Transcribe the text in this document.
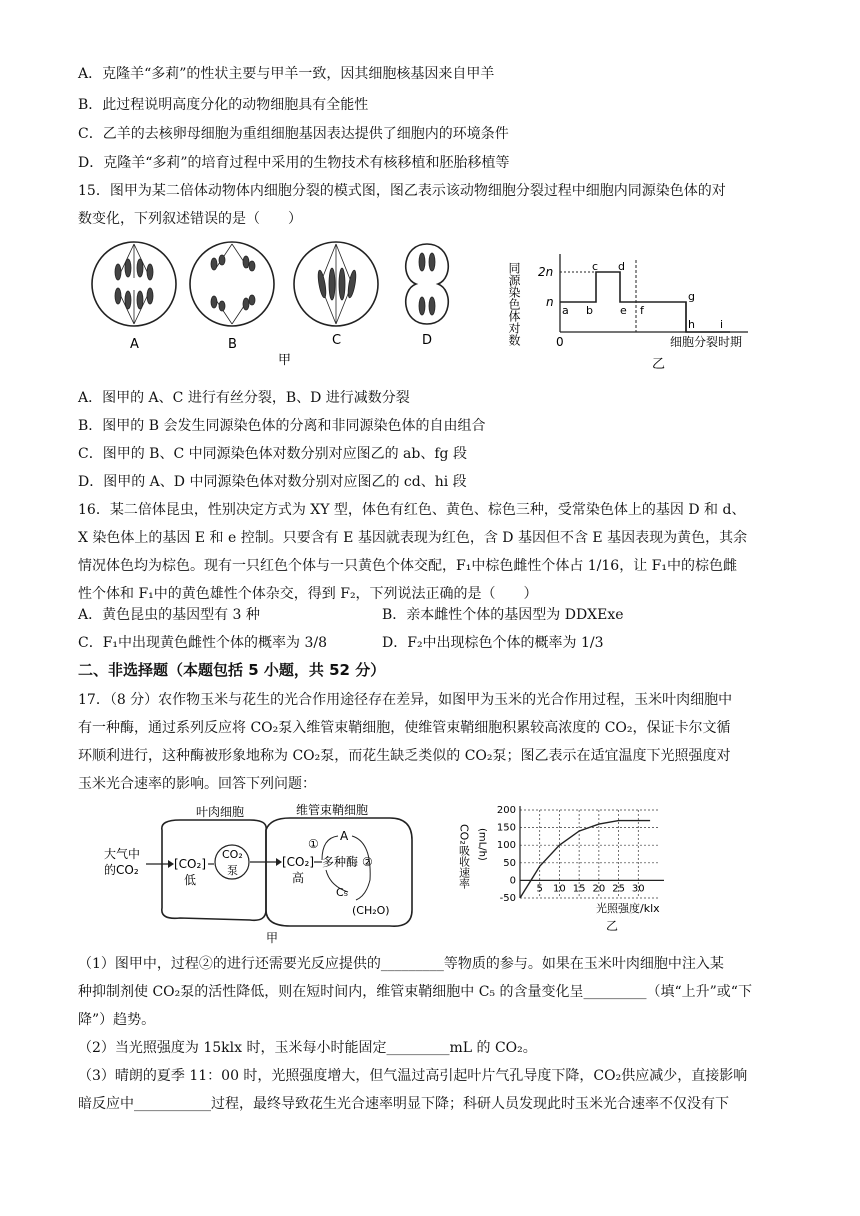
A．克隆羊“多莉”的性状主要与甲羊一致，因其细胞核基因来自甲羊
B．此过程说明高度分化的动物细胞具有全能性
C．乙羊的去核卵母细胞为重组细胞基因表达提供了细胞内的环境条件
D．克隆羊“多莉”的培育过程中采用的生物技术有核移植和胚胎移植等
15．图甲为某二倍体动物体内细胞分裂的模式图，图乙表示该动物细胞分裂过程中细胞内同源染色体的对
数变化，下列叙述错误的是（　　）
A	B	C	D
甲
同源染色体对数 2n
n
0
a b
c d
e f
g
h i
细胞分裂时期
乙
A．图甲的 A、C 进行有丝分裂，B、D 进行减数分裂
B．图甲的 B 会发生同源染色体的分离和非同源染色体的自由组合
C．图甲的 B、C 中同源染色体对数分别对应图乙的 ab、fg 段
D．图甲的 A、D 中同源染色体对数分别对应图乙的 cd、hi 段
16．某二倍体昆虫，性别决定方式为 XY 型，体色有红色、黄色、棕色三种，受常染色体上的基因 D 和 d、
X 染色体上的基因 E 和 e 控制。只要含有 E 基因就表现为红色，含 D 基因但不含 E 基因表现为黄色，其余
情况体色均为棕色。现有一只红色个体与一只黄色个体交配，F₁中棕色雌性个体占 1/16，让 F₁中的棕色雌
性个体和 F₁中的黄色雄性个体杂交，得到 F₂，下列说法正确的是（　　）
A．黄色昆虫的基因型有 3 种	B．亲本雌性个体的基因型为 DDXExe
C．F₁中出现黄色雌性个体的概率为 3/8	D．F₂中出现棕色个体的概率为 1/3
二、非选择题（本题包括 5 小题，共 52 分）
17．（8 分）农作物玉米与花生的光合作用途径存在差异，如图甲为玉米的光合作用过程，玉米叶肉细胞中
有一种酶，通过系列反应将 CO₂泵入维管束鞘细胞，使维管束鞘细胞积累较高浓度的 CO₂，保证卡尔文循
环顺利进行，这种酶被形象地称为 CO₂泵，而花生缺乏类似的 CO₂泵；图乙表示在适宜温度下光照强度对
玉米光合速率的影响。回答下列问题：
叶肉细胞	维管束鞘细胞
大气中
的CO₂	[CO₂]
低
CO₂
泵
[CO₂]
高
多种酶
①
②
A
C₅
(CH₂O)
甲
CO₂吸收速率 (mL/h)
-50
0
50
100
150
200
5 10 15 20 25 30
光照强度/klx
乙
（1）图甲中，过程②的进行还需要光反应提供的_________等物质的参与。如果在玉米叶肉细胞中注入某
种抑制剂使 CO₂泵的活性降低，则在短时间内，维管束鞘细胞中 C₅ 的含量变化呈_________（填“上升”或“下
降”）趋势。
（2）当光照强度为 15klx 时，玉米每小时能固定_________mL 的 CO₂。
（3）晴朗的夏季 11：00 时，光照强度增大，但气温过高引起叶片气孔导度下降，CO₂供应减少，直接影响
暗反应中___________过程，最终导致花生光合速率明显下降；科研人员发现此时玉米光合速率不仅没有下
